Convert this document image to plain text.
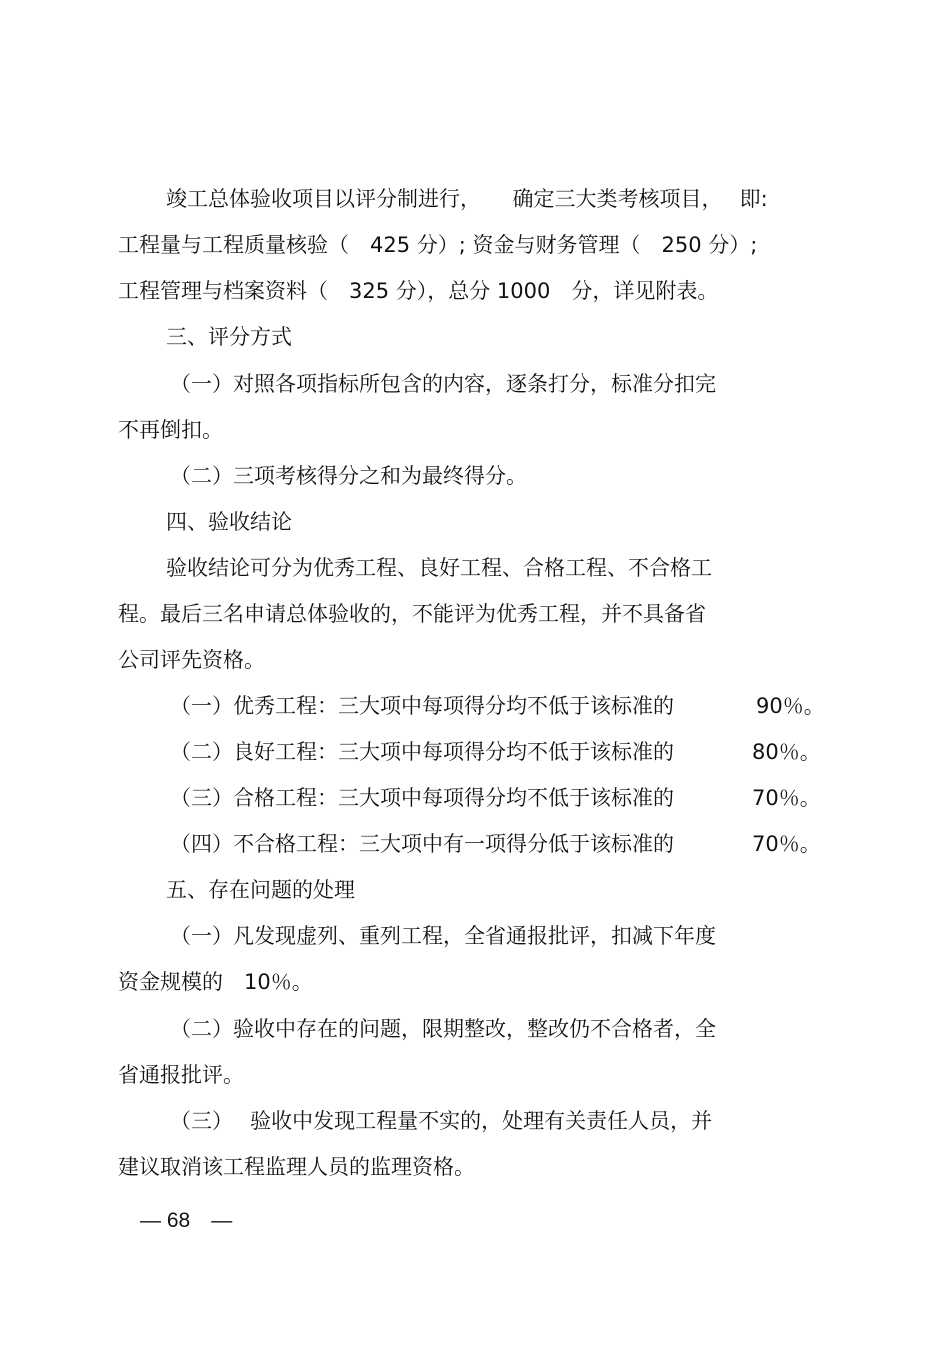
竣工总体验收项目以评分制进行，　　确定三大类考核项目，　 即:
工程量与工程质量核验（　425 分）; 资金与财务管理（　250 分）;
工程管理与档案资料（　325 分），总分 1000　分，详见附表。
三、评分方式
（一）对照各项指标所包含的内容，逐条打分，标准分扣完
不再倒扣。
（二）三项考核得分之和为最终得分。
四、验收结论
验收结论可分为优秀工程、良好工程、合格工程、不合格工
程。最后三名申请总体验收的，不能评为优秀工程，并不具备省
公司评先资格。
（一）优秀工程：三大项中每项得分均不低于该标准的	90％。
（二）良好工程：三大项中每项得分均不低于该标准的	80％。
（三）合格工程：三大项中每项得分均不低于该标准的	70％。
（四）不合格工程：三大项中有一项得分低于该标准的	70％。
五、存在问题的处理
（一）凡发现虚列、重列工程，全省通报批评，扣减下年度
资金规模的　10％。
（二）验收中存在的问题，限期整改，整改仍不合格者，全
省通报批评。
（三）　 验收中发现工程量不实的，处理有关责任人员，并
建议取消该工程监理人员的监理资格。
— 68　—
